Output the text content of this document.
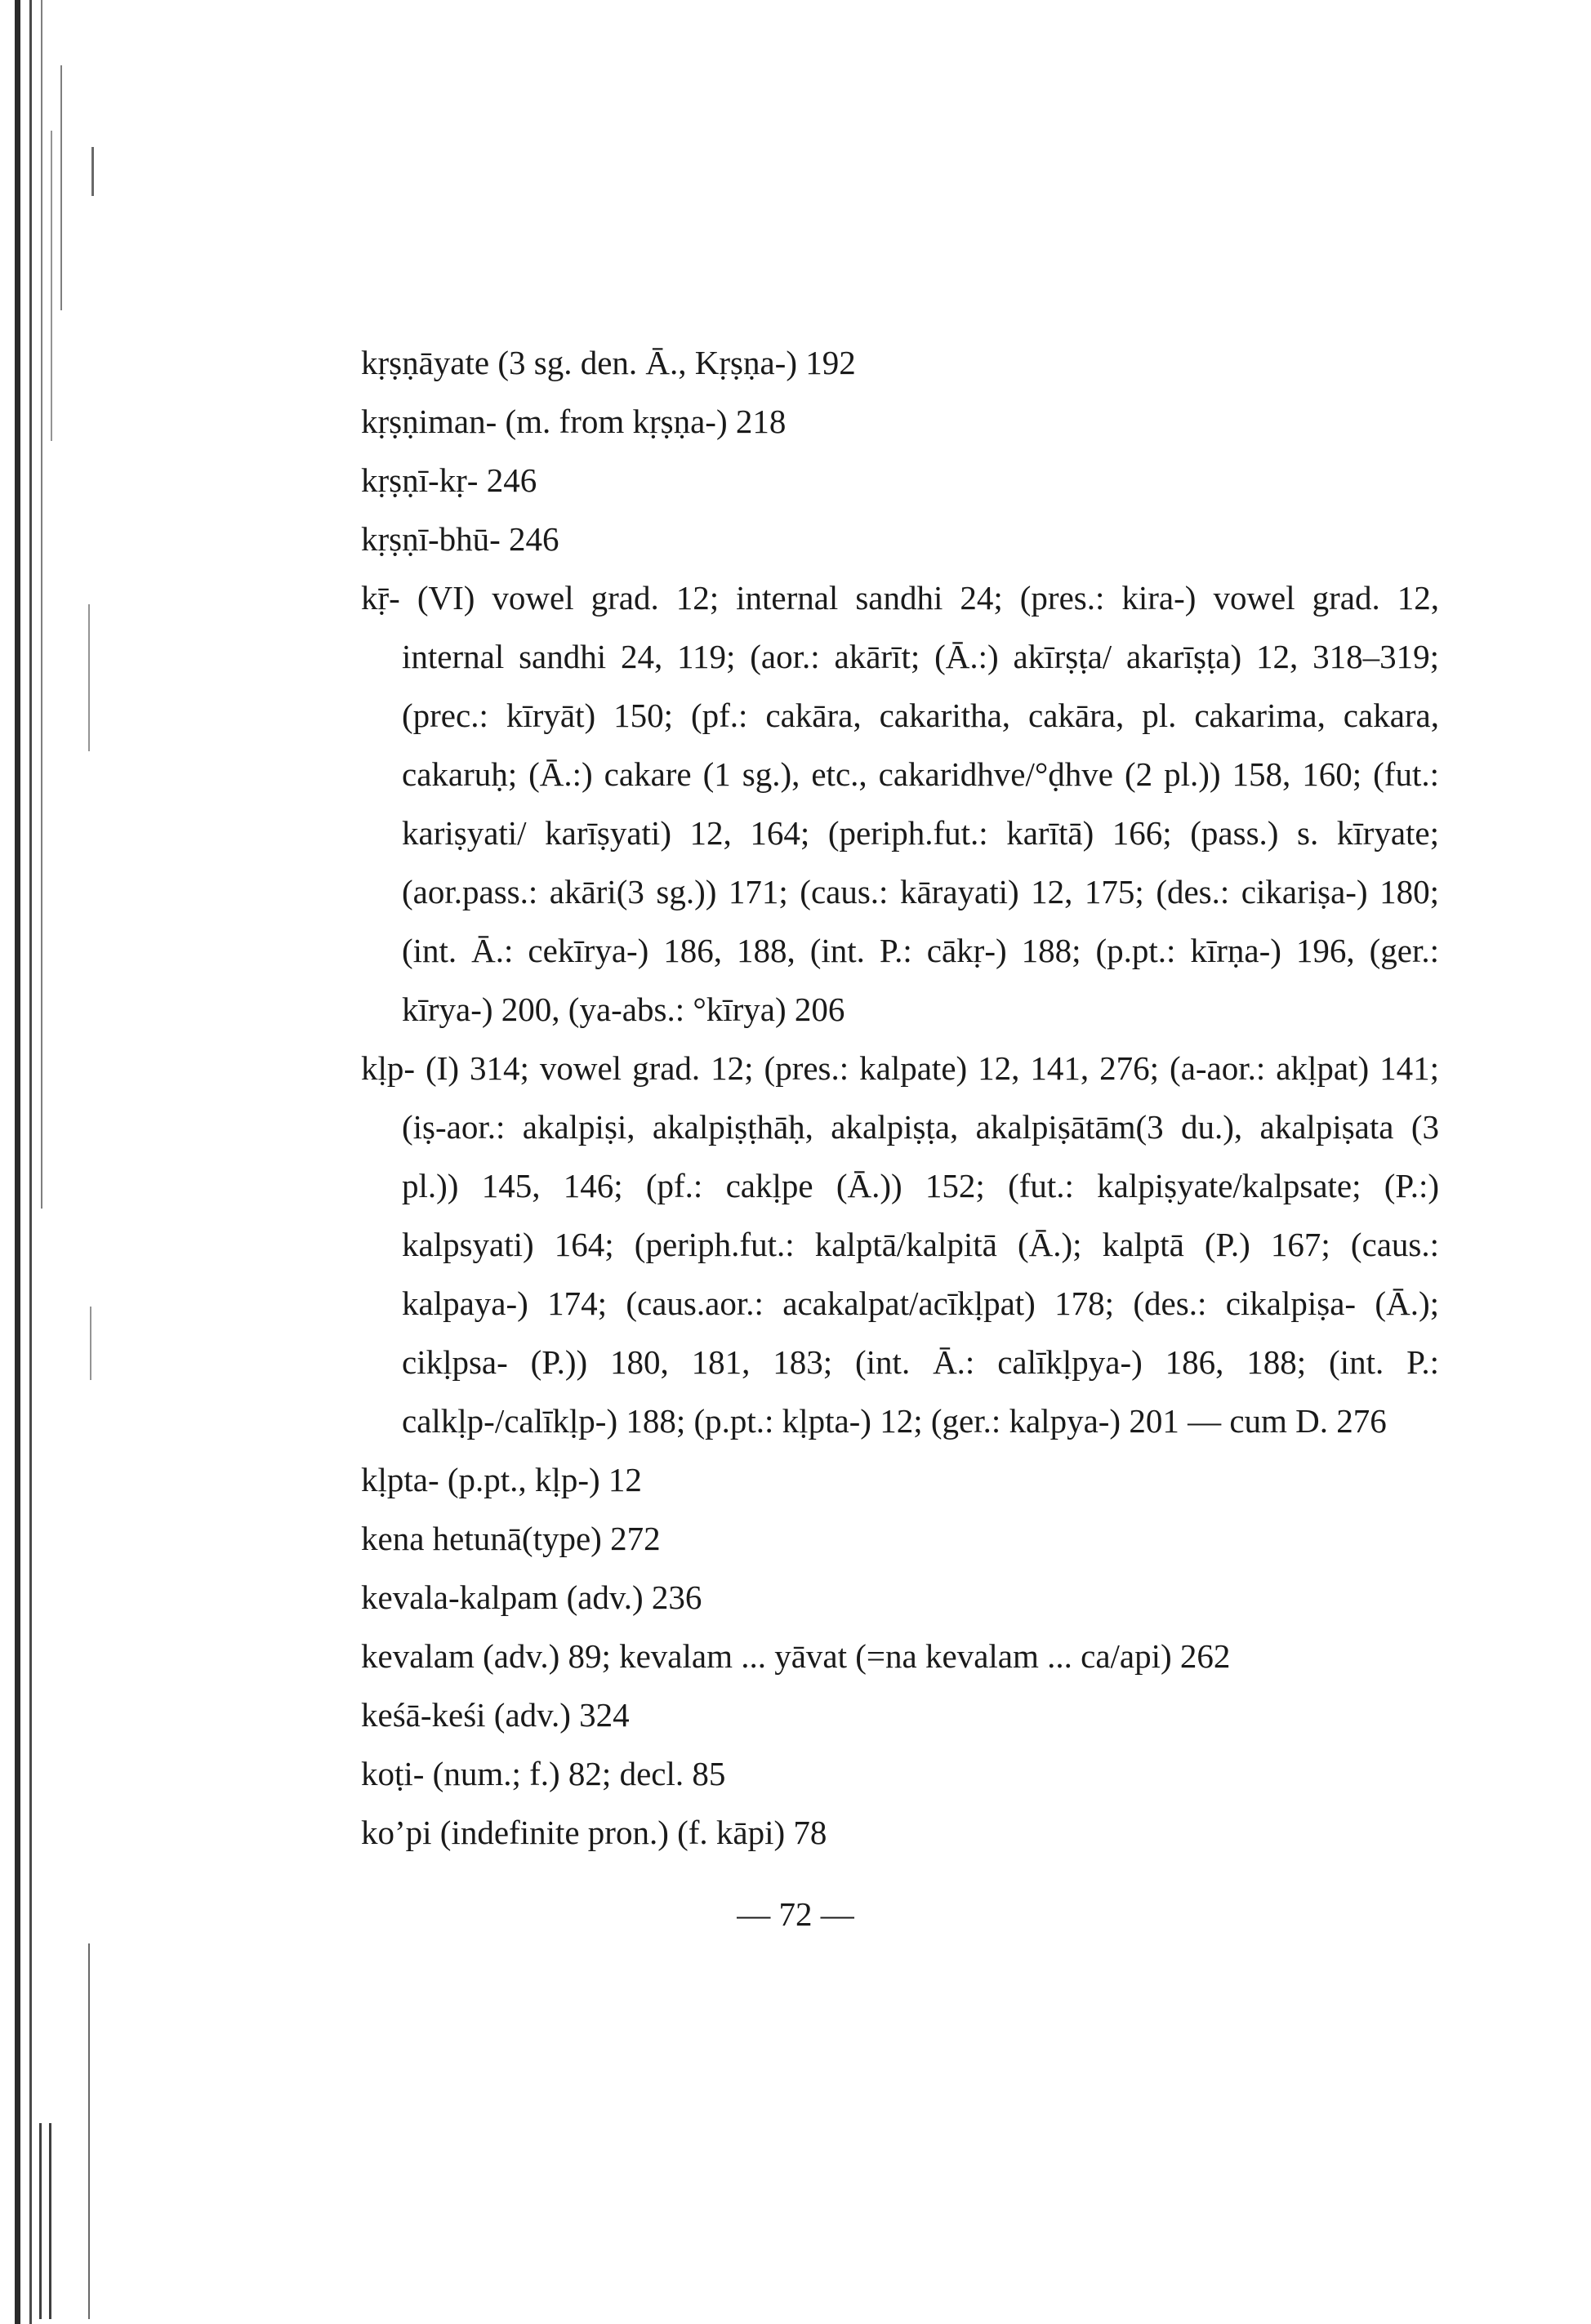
kṛṣṇāyate (3 sg. den. Ā., Kṛṣṇa-) 192

kṛṣṇiman- (m. from kṛṣṇa-) 218

kṛṣṇī-kṛ- 246

kṛṣṇī-bhū- 246

kṝ- (VI) vowel grad. 12; internal sandhi 24; (pres.: kira-) vowel grad. 12, internal sandhi 24, 119; (aor.: akārīt; (Ā.:) akīrṣṭa/ akarīṣṭa) 12, 318–319; (prec.: kīryāt) 150; (pf.: cakāra, cakaritha, cakāra, pl. cakarima, cakara, cakaruḥ; (Ā.:) cakare (1 sg.), etc., cakaridhve/°ḍhve (2 pl.)) 158, 160; (fut.: kariṣyati/ karīṣyati) 12, 164; (periph.fut.: karītā) 166; (pass.) s. kīryate; (aor.pass.: akāri(3 sg.)) 171; (caus.: kārayati) 12, 175; (des.: cikariṣa-) 180; (int. Ā.: cekīrya-) 186, 188, (int. P.: cākṛ-) 188; (p.pt.: kīrṇa-) 196, (ger.: kīrya-) 200, (ya-abs.: °kīrya) 206

kḷp- (I) 314; vowel grad. 12; (pres.: kalpate) 12, 141, 276; (a-aor.: akḷpat) 141; (iṣ-aor.: akalpiṣi, akalpiṣṭhāḥ, akalpiṣṭa, akalpiṣātām(3 du.), akalpiṣata (3 pl.)) 145, 146; (pf.: cakḷpe (Ā.)) 152; (fut.: kalpiṣyate/kalpsate; (P.:) kalpsyati) 164; (periph.fut.: kalptā/kalpitā (Ā.); kalptā (P.) 167; (caus.: kalpaya-) 174; (caus.aor.: acakalpat/acīkḷpat) 178; (des.: cikalpiṣa- (Ā.); cikḷpsa- (P.)) 180, 181, 183; (int. Ā.: calīkḷpya-) 186, 188; (int. P.: calkḷp-/calīkḷp-) 188; (p.pt.: kḷpta-) 12; (ger.: kalpya-) 201 — cum D. 276

kḷpta- (p.pt., kḷp-) 12

kena hetunā(type) 272

kevala-kalpam (adv.) 236

kevalam (adv.) 89; kevalam ... yāvat (=na kevalam ... ca/api) 262

keśā-keśi (adv.) 324

koṭi- (num.; f.) 82; decl. 85

ko’pi (indefinite pron.) (f. kāpi) 78

— 72 —
